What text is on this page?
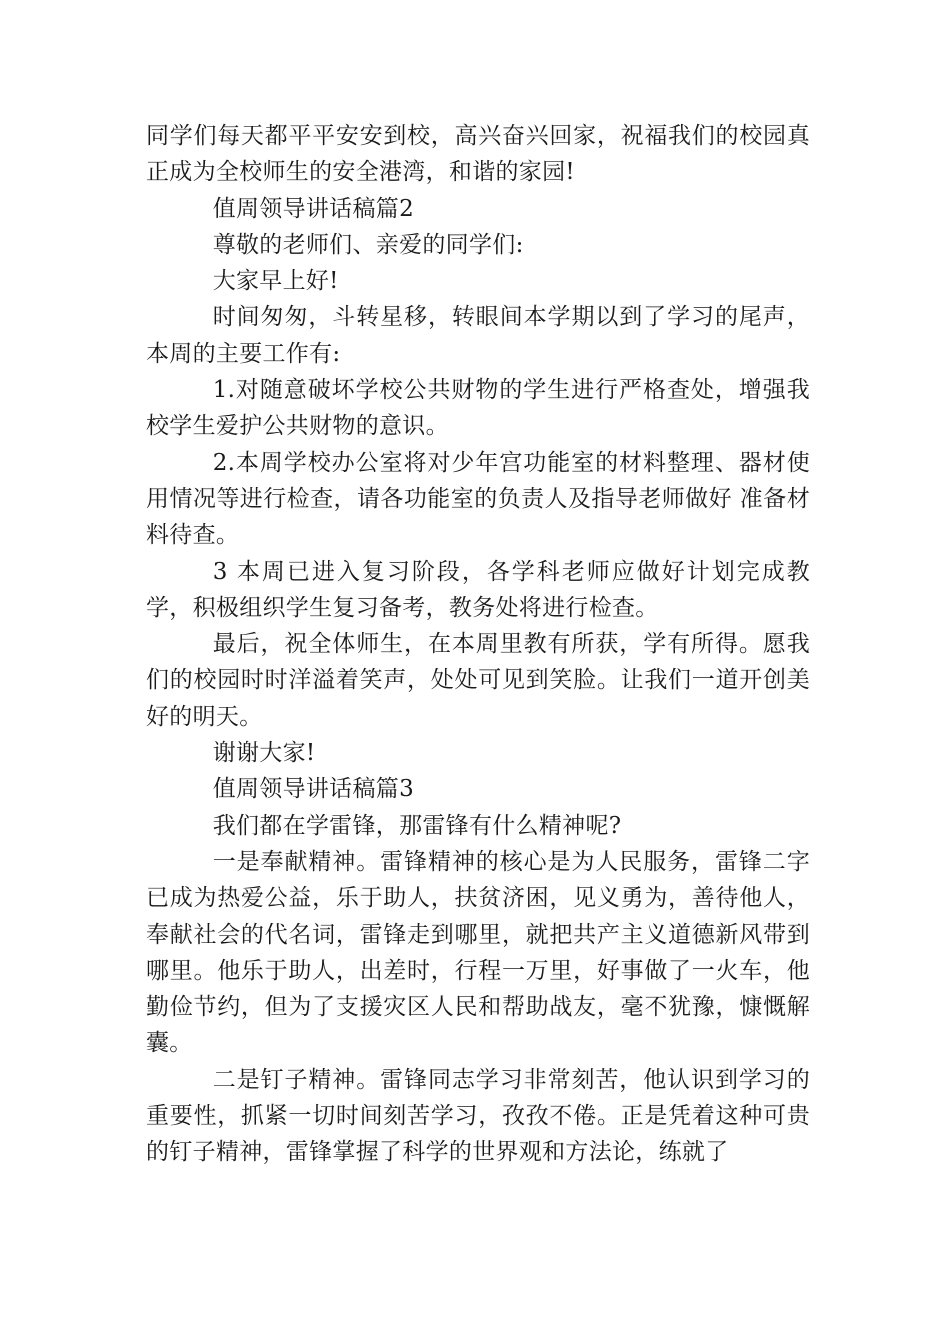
同学们每天都平平安安到校，高兴奋兴回家，祝福我们的校园真正成为全校师生的安全港湾，和谐的家园!

值周领导讲话稿篇2

尊敬的老师们、亲爱的同学们:

大家早上好!

时间匆匆，斗转星移，转眼间本学期以到了学习的尾声，本周的主要工作有:

1.对随意破坏学校公共财物的学生进行严格查处，增强我校学生爱护公共财物的意识。

2.本周学校办公室将对少年宫功能室的材料整理、器材使用情况等进行检查，请各功能室的负责人及指导老师做好 准备材料待查。

3 本周已进入复习阶段，各学科老师应做好计划完成教学，积极组织学生复习备考，教务处将进行检查。

最后，祝全体师生，在本周里教有所获，学有所得。愿我们的校园时时洋溢着笑声，处处可见到笑脸。让我们一道开创美好的明天。

谢谢大家!

值周领导讲话稿篇3

我们都在学雷锋，那雷锋有什么精神呢?

一是奉献精神。雷锋精神的核心是为人民服务，雷锋二字已成为热爱公益，乐于助人，扶贫济困，见义勇为，善待他人，奉献社会的代名词，雷锋走到哪里，就把共产主义道德新风带到哪里。他乐于助人，出差时，行程一万里，好事做了一火车，他勤俭节约，但为了支援灾区人民和帮助战友，毫不犹豫，慷慨解囊。

二是钉子精神。雷锋同志学习非常刻苦，他认识到学习的重要性，抓紧一切时间刻苦学习，孜孜不倦。正是凭着这种可贵的钉子精神，雷锋掌握了科学的世界观和方法论，练就了
